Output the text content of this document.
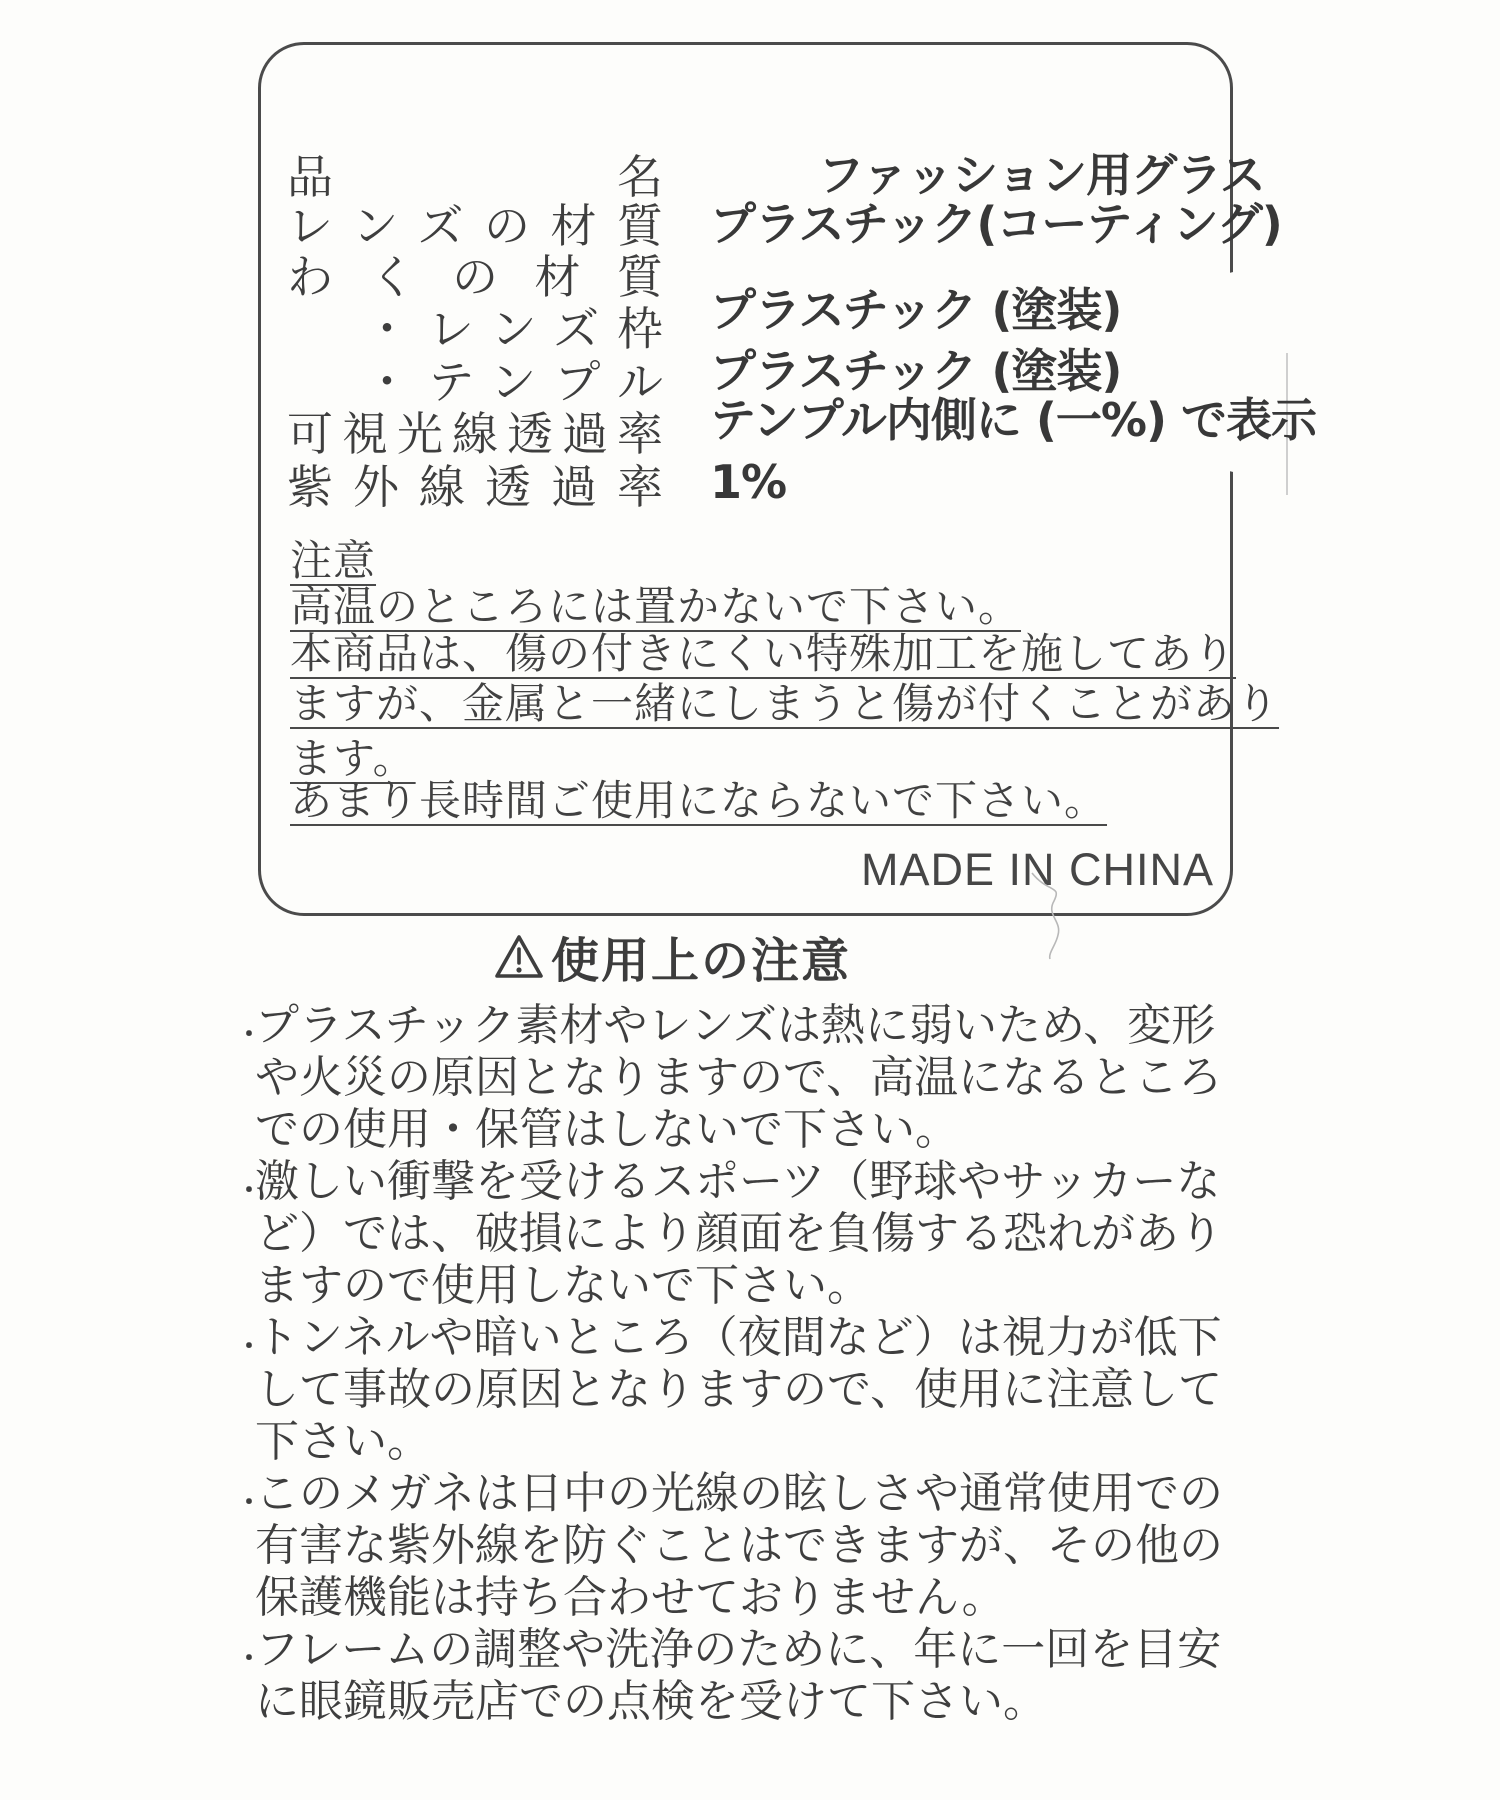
品名	ファッション用グラス
レンズの材質 プラスチック(コーティング)
わくの材質
・レンズ枠 プラスチック (塗装)
・テンプル プラスチック (塗装)
可視光線透過率 テンプル内側に (一%) で表示
紫外線透過率 1%
注意
高温のところには置かないで下さい。
本商品は、傷の付きにくい特殊加工を施してあり
ますが、金属と一緒にしまうと傷が付くことがあり
ます。
あまり長時間ご使用にならないで下さい。
MADE IN CHINA
使用上の注意
・
プラスチック素材やレンズは熱に弱いため、変形
や火災の原因となりますので、高温になるところ
での使用・保管はしないで下さい。
・
激しい衝撃を受けるスポーツ（野球やサッカーな
ど）では、破損により顔面を負傷する恐れがあり
ますので使用しないで下さい。
・
トンネルや暗いところ（夜間など）は視力が低下
して事故の原因となりますので、使用に注意して
下さい。
・
このメガネは日中の光線の眩しさや通常使用での
有害な紫外線を防ぐことはできますが、その他の
保護機能は持ち合わせておりません。
・
フレームの調整や洗浄のために、年に一回を目安
に眼鏡販売店での点検を受けて下さい。
